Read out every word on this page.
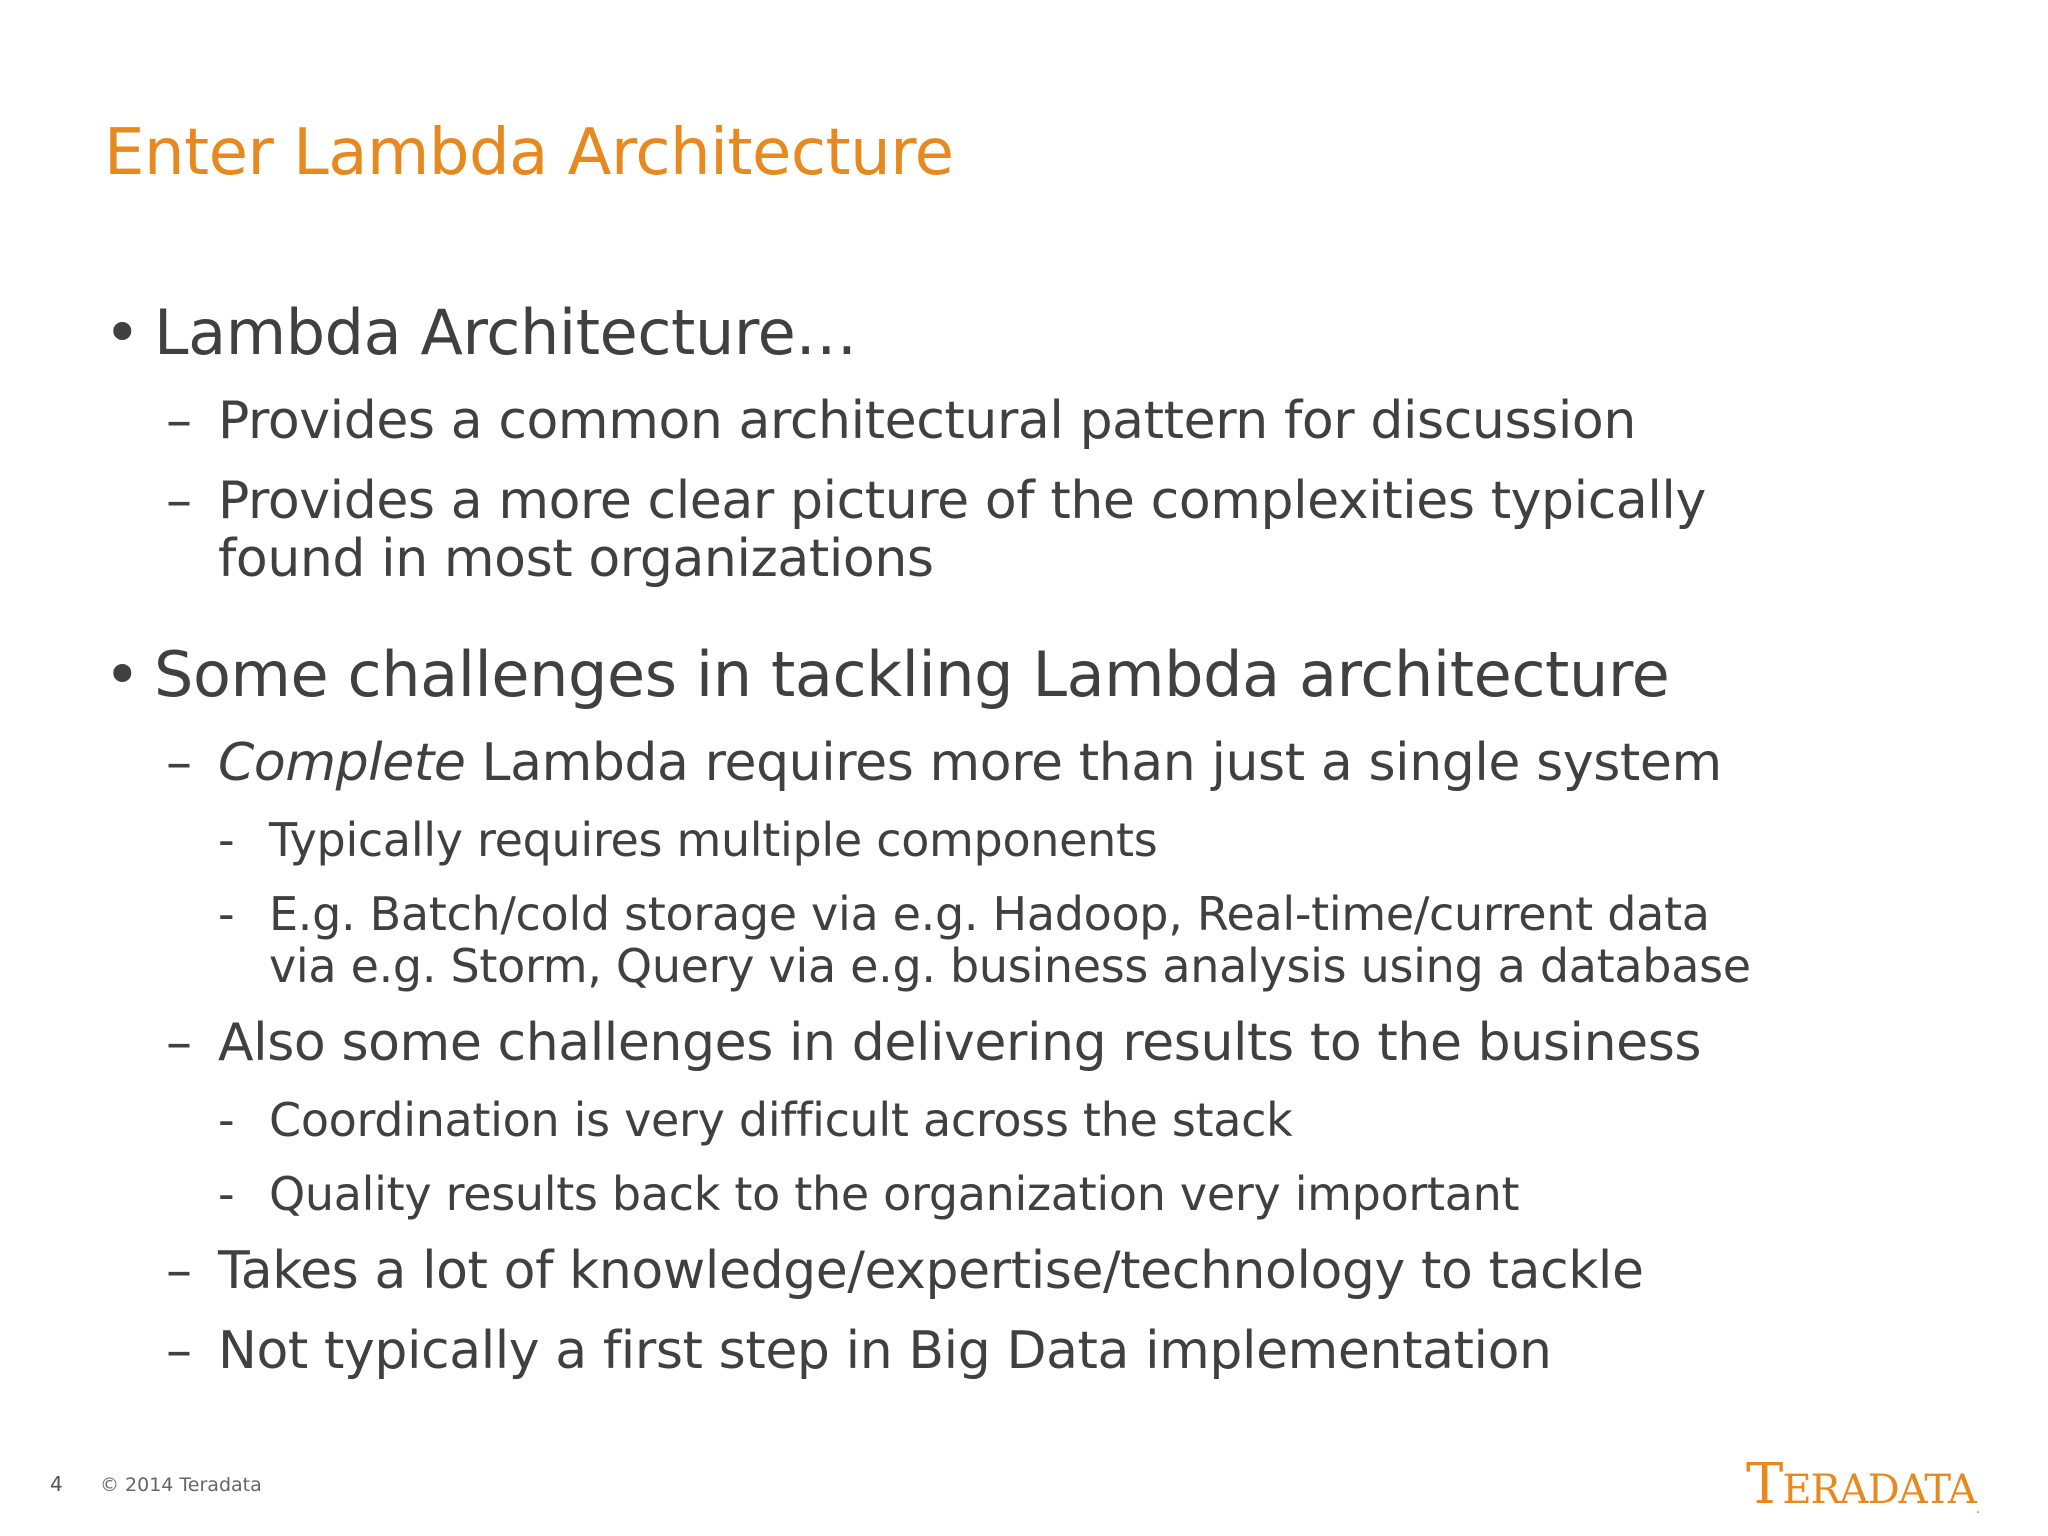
Enter Lambda Architecture
• Lambda Architecture…
– Provides a common architectural pattern for discussion
– Provides a more clear picture of the complexities typically
found in most organizations
• Some challenges in tackling Lambda architecture
– Complete Lambda requires more than just a single system
- Typically requires multiple components
- E.g. Batch/cold storage via e.g. Hadoop, Real-time/current data
via e.g. Storm, Query via e.g. business analysis using a database
– Also some challenges in delivering results to the business
- Coordination is very difficult across the stack
- Quality results back to the organization very important
– Takes a lot of knowledge/expertise/technology to tackle
– Not typically a first step in Big Data implementation
4 © 2014 Teradata	TERADATA.
